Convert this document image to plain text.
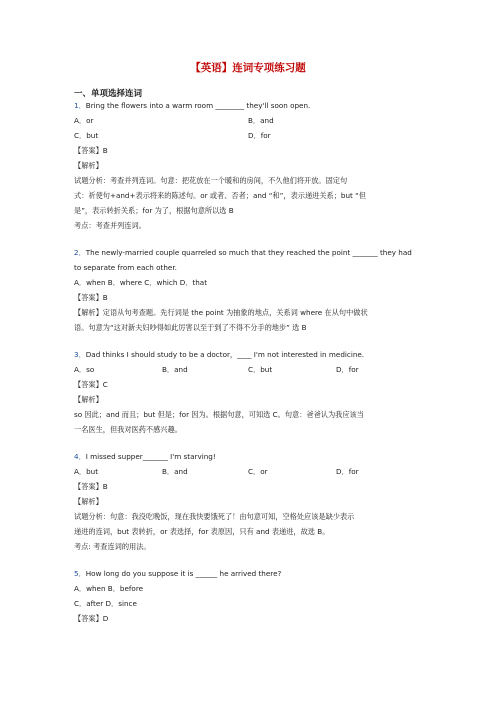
【英语】连词专项练习题
一、单项选择连词
1．Bring the flowers into a warm room ________ they'll soon open.
A．or	B．and
C．but	D．for
【答案】B
【解析】
试题分析：考查并列连词。句意：把花放在一个暖和的房间，不久他们将开放。固定句
式：祈使句+and+表示将来的陈述句。or 或者、否者；and “和”，表示递进关系；but “但
是”，表示转折关系；for 为了，根据句意所以选 B
考点：考查并列连词。
2．The newly-married couple quarreled so much that they reached the point _______ they had
to separate from each other.
A．when B．where C．which D．that
【答案】B
【解析】定语从句考查题。先行词是 the point 为抽象的地点，关系词 where 在从句中做状
语。句意为“这对新夫妇吵得如此厉害以至于到了不得不分手的地步” 选 B
3．Dad thinks I should study to be a doctor，____ I'm not interested in medicine.
A．so	B．and	C．but	D．for
【答案】C
【解析】
so 因此；and 而且；but 但是；for 因为。根据句意，可知选 C。句意：爸爸认为我应该当
一名医生，但我对医药不感兴趣。
4．I missed supper_______ I'm starving!
A．but	B．and	C．or	D．for
【答案】B
【解析】
试题分析：句意：我没吃晚饭，现在我快要饿死了！由句意可知，空格处应该是缺少表示
递进的连词，but 表转折，or 表选择，for 表原因，只有 and 表递进，故选 B。
考点: 考查连词的用法。
5．How long do you suppose it is ______ he arrived there?
A．when B．before
C．after D．since
【答案】D
